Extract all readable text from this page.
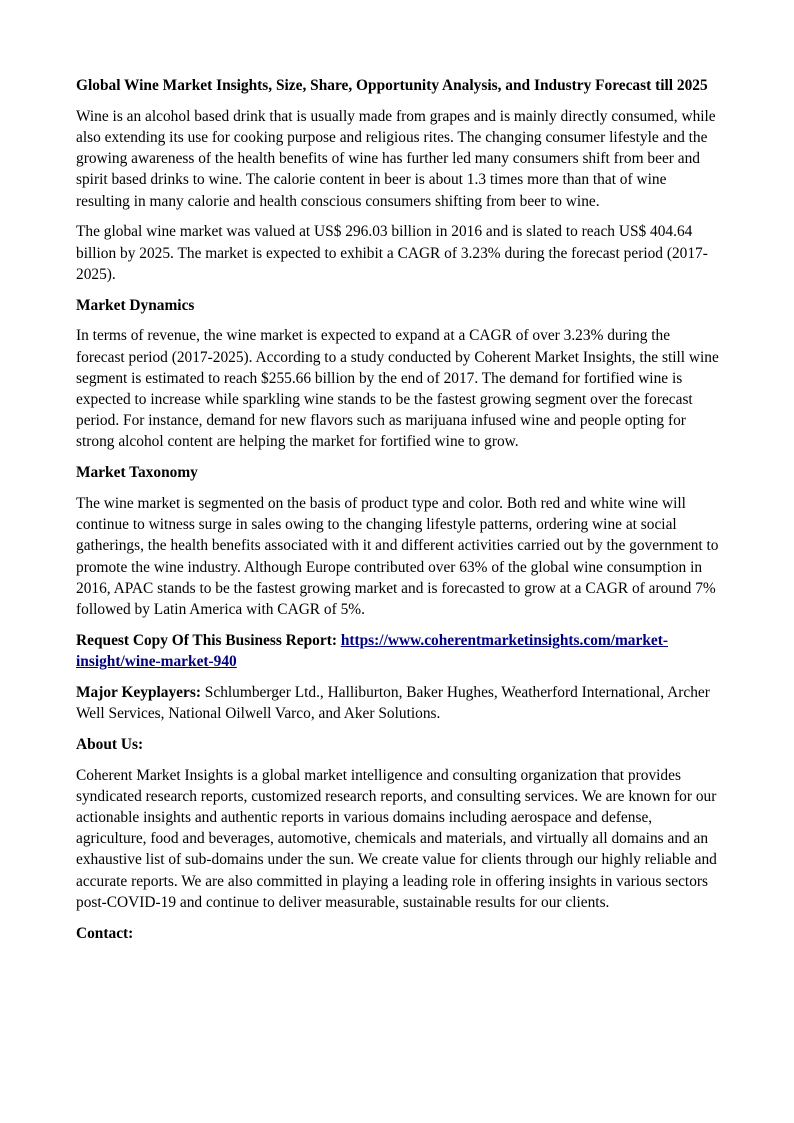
Global Wine Market Insights, Size, Share, Opportunity Analysis, and Industry Forecast till 2025
Wine is an alcohol based drink that is usually made from grapes and is mainly directly consumed, while also extending its use for cooking purpose and religious rites. The changing consumer lifestyle and the growing awareness of the health benefits of wine has further led many consumers shift from beer and spirit based drinks to wine. The calorie content in beer is about 1.3 times more than that of wine resulting in many calorie and health conscious consumers shifting from beer to wine.
The global wine market was valued at US$ 296.03 billion in 2016 and is slated to reach US$ 404.64 billion by 2025. The market is expected to exhibit a CAGR of 3.23% during the forecast period (2017-2025).
Market Dynamics
In terms of revenue, the wine market is expected to expand at a CAGR of over 3.23% during the forecast period (2017-2025). According to a study conducted by Coherent Market Insights, the still wine segment is estimated to reach $255.66 billion by the end of 2017. The demand for fortified wine is expected to increase while sparkling wine stands to be the fastest growing segment over the forecast period. For instance, demand for new flavors such as marijuana infused wine and people opting for strong alcohol content are helping the market for fortified wine to grow.
Market Taxonomy
The wine market is segmented on the basis of product type and color. Both red and white wine will continue to witness surge in sales owing to the changing lifestyle patterns, ordering wine at social gatherings, the health benefits associated with it and different activities carried out by the government to promote the wine industry. Although Europe contributed over 63% of the global wine consumption in 2016, APAC stands to be the fastest growing market and is forecasted to grow at a CAGR of around 7% followed by Latin America with CAGR of 5%.
Request Copy Of This Business Report: https://www.coherentmarketinsights.com/market-insight/wine-market-940
Major Keyplayers: Schlumberger Ltd., Halliburton, Baker Hughes, Weatherford International, Archer Well Services, National Oilwell Varco, and Aker Solutions.
About Us:
Coherent Market Insights is a global market intelligence and consulting organization that provides syndicated research reports, customized research reports, and consulting services. We are known for our actionable insights and authentic reports in various domains including aerospace and defense, agriculture, food and beverages, automotive, chemicals and materials, and virtually all domains and an exhaustive list of sub-domains under the sun. We create value for clients through our highly reliable and accurate reports. We are also committed in playing a leading role in offering insights in various sectors post-COVID-19 and continue to deliver measurable, sustainable results for our clients.
Contact:
